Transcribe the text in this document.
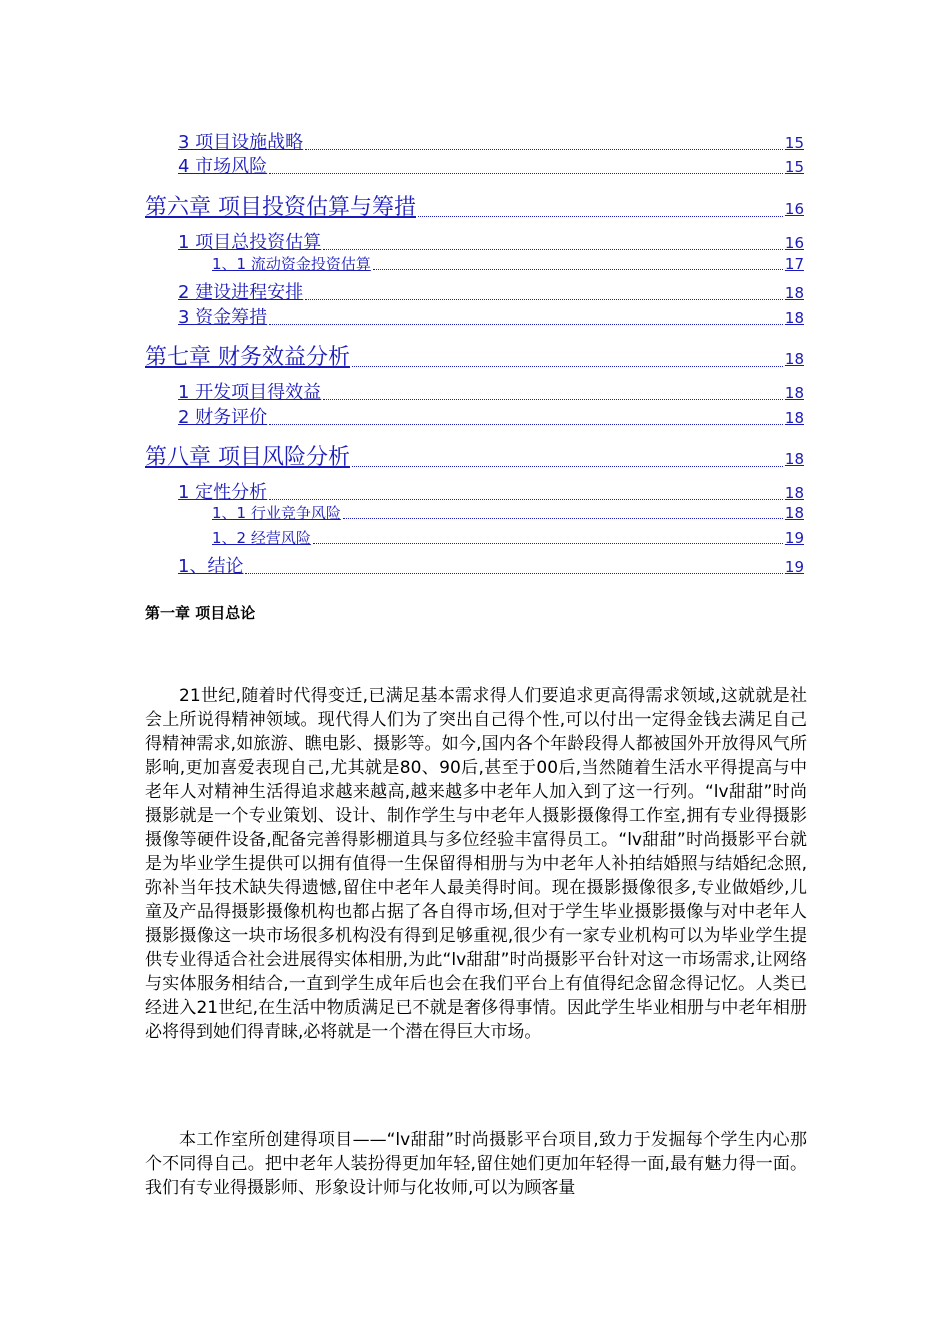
3 项目设施战略	15
4 市场风险	15
第六章 项目投资估算与筹措	16
1 项目总投资估算	16
1、1 流动资金投资估算	17
2 建设进程安排	18
3 资金筹措	18
第七章 财务效益分析	18
1 开发项目得效益	18
2 财务评价	18
第八章 项目风险分析	18
1 定性分析	18
1、1 行业竞争风险	18
1、2 经营风险	19
1、结论	19
第一章 项目总论

21世纪,随着时代得变迁,已满足基本需求得人们要追求更高得需求领域,这就就是社会上所说得精神领域。现代得人们为了突出自己得个性,可以付出一定得金钱去满足自己得精神需求,如旅游、瞧电影、摄影等。如今,国内各个年龄段得人都被国外开放得风气所影响,更加喜爱表现自己,尤其就是80、90后,甚至于00后,当然随着生活水平得提高与中老年人对精神生活得追求越来越高,越来越多中老年人加入到了这一行列。“lv甜甜”时尚摄影就是一个专业策划、设计、制作学生与中老年人摄影摄像得工作室,拥有专业得摄影摄像等硬件设备,配备完善得影棚道具与多位经验丰富得员工。“lv甜甜”时尚摄影平台就是为毕业学生提供可以拥有值得一生保留得相册与为中老年人补拍结婚照与结婚纪念照,弥补当年技术缺失得遗憾,留住中老年人最美得时间。现在摄影摄像很多,专业做婚纱,儿童及产品得摄影摄像机构也都占据了各自得市场,但对于学生毕业摄影摄像与对中老年人摄影摄像这一块市场很多机构没有得到足够重视,很少有一家专业机构可以为毕业学生提供专业得适合社会进展得实体相册,为此“lv甜甜”时尚摄影平台针对这一市场需求,让网络与实体服务相结合,一直到学生成年后也会在我们平台上有值得纪念留念得记忆。人类已经进入21世纪,在生活中物质满足已不就是奢侈得事情。因此学生毕业相册与中老年相册必将得到她们得青睐,必将就是一个潜在得巨大市场。

本工作室所创建得项目——“lv甜甜”时尚摄影平台项目,致力于发掘每个学生内心那个不同得自己。把中老年人装扮得更加年轻,留住她们更加年轻得一面,最有魅力得一面。我们有专业得摄影师、形象设计师与化妆师,可以为顾客量
